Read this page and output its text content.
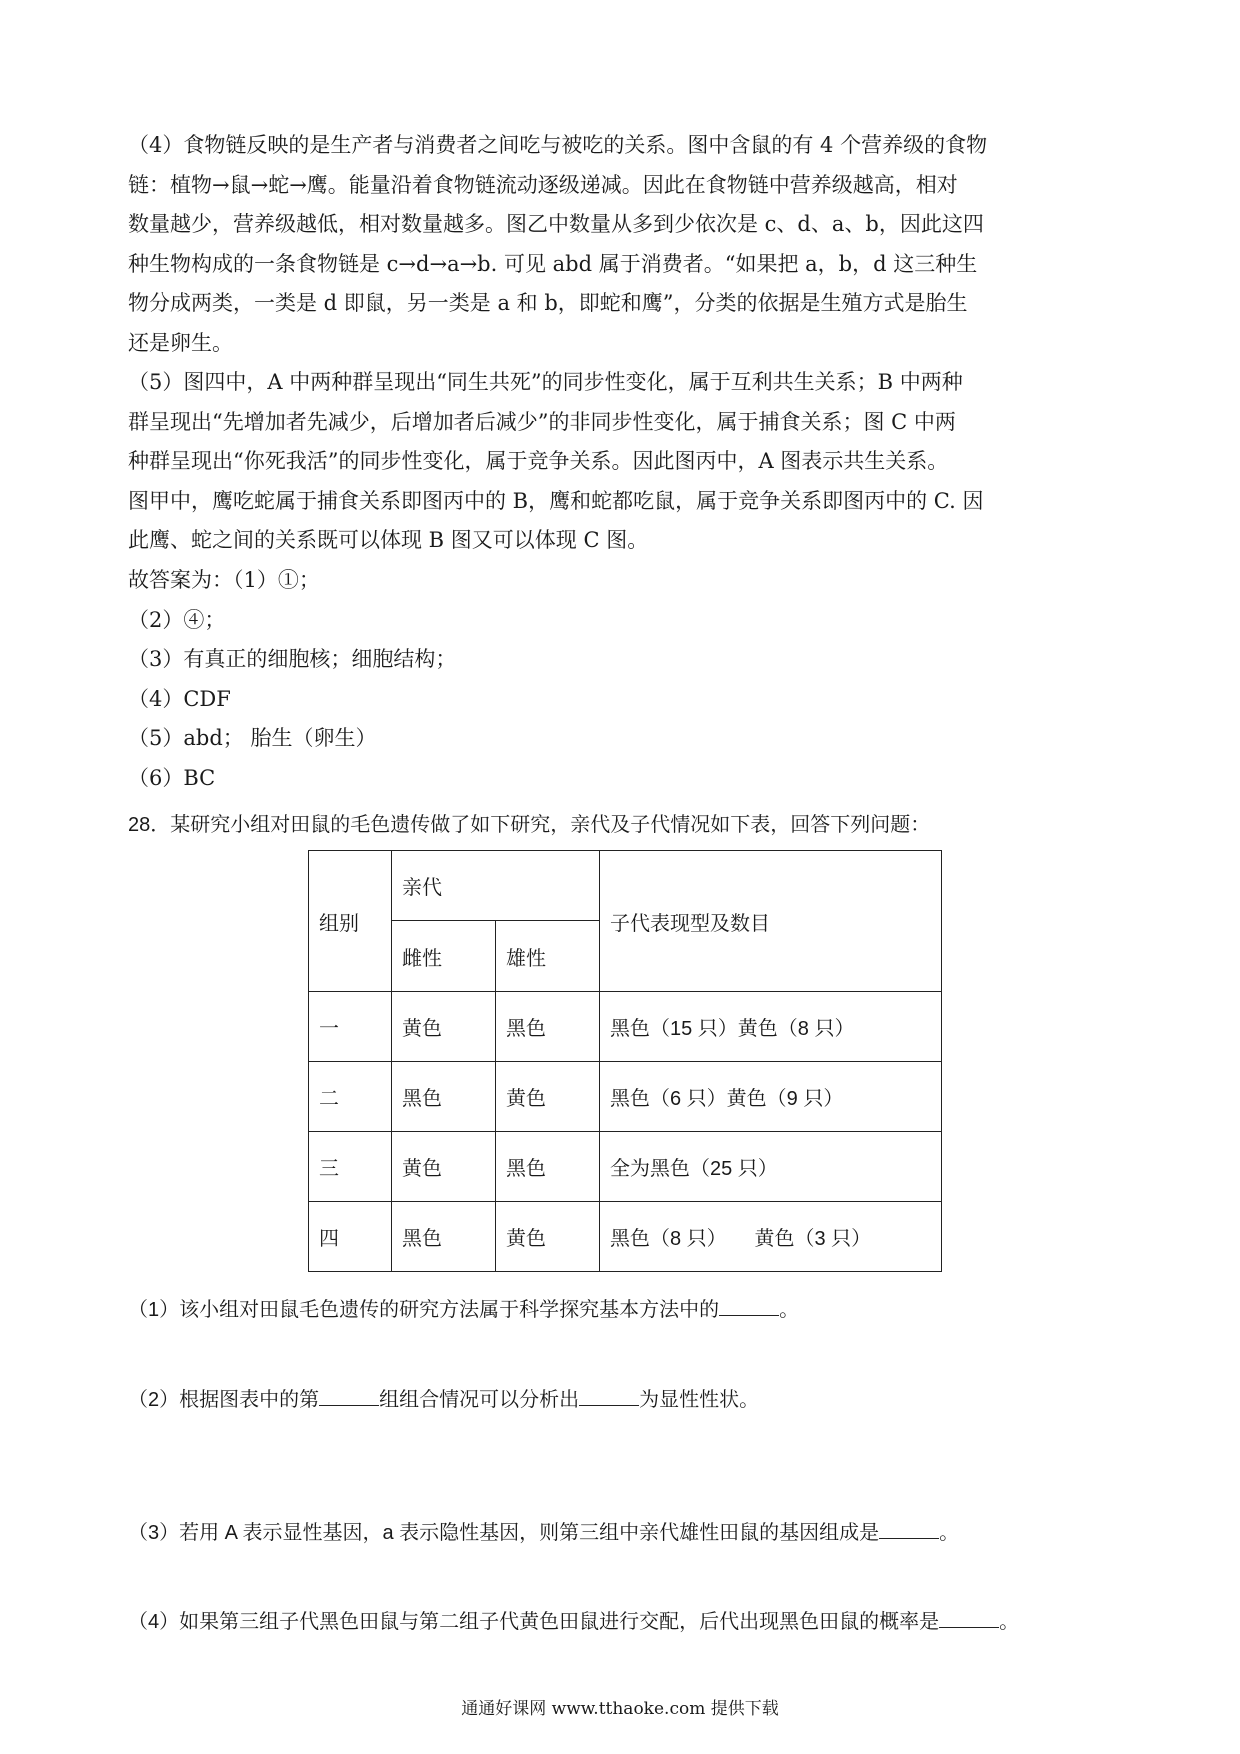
（4）食物链反映的是生产者与消费者之间吃与被吃的关系。图中含鼠的有 4 个营养级的食物
链：植物→鼠→蛇→鹰。能量沿着食物链流动逐级递减。因此在食物链中营养级越高，相对
数量越少，营养级越低，相对数量越多。图乙中数量从多到少依次是 c、d、a、b，因此这四
种生物构成的一条食物链是 c→d→a→b. 可见 abd 属于消费者。“如果把 a，b，d 这三种生
物分成两类，一类是 d 即鼠，另一类是 a 和 b，即蛇和鹰”，分类的依据是生殖方式是胎生
还是卵生。
（5）图四中，A 中两种群呈现出“同生共死”的同步性变化，属于互利共生关系；B 中两种
群呈现出“先增加者先减少，后增加者后减少”的非同步性变化，属于捕食关系；图 C 中两
种群呈现出“你死我活”的同步性变化，属于竞争关系。因此图丙中，A 图表示共生关系。
图甲中，鹰吃蛇属于捕食关系即图丙中的 B，鹰和蛇都吃鼠，属于竞争关系即图丙中的 C. 因
此鹰、蛇之间的关系既可以体现 B 图又可以体现 C 图。
故答案为：（1）①；
（2）④；
（3）有真正的细胞核；细胞结构；
（4）CDF
（5）abd； 胎生（卵生）
（6）BC
28．某研究小组对田鼠的毛色遗传做了如下研究，亲代及子代情况如下表，回答下列问题：
组别	亲代		子代表现型及数目
	雌性	雄性	
一	黄色	黑色	黑色（15 只）黄色（8 只）
二	黑色	黄色	黑色（6 只）黄色（9 只）
三	黄色	黑色	全为黑色（25 只）
四	黑色	黄色	黑色（8 只）     黄色（3 只）
（1）该小组对田鼠毛色遗传的研究方法属于科学探究基本方法中的	。
（2）根据图表中的第	组组合情况可以分析出	为显性性状。
（3）若用 A 表示显性基因，a 表示隐性基因，则第三组中亲代雄性田鼠的基因组成是	。
（4）如果第三组子代黑色田鼠与第二组子代黄色田鼠进行交配，后代出现黑色田鼠的概率是	。
通通好课网 www.tthaoke.com 提供下载
